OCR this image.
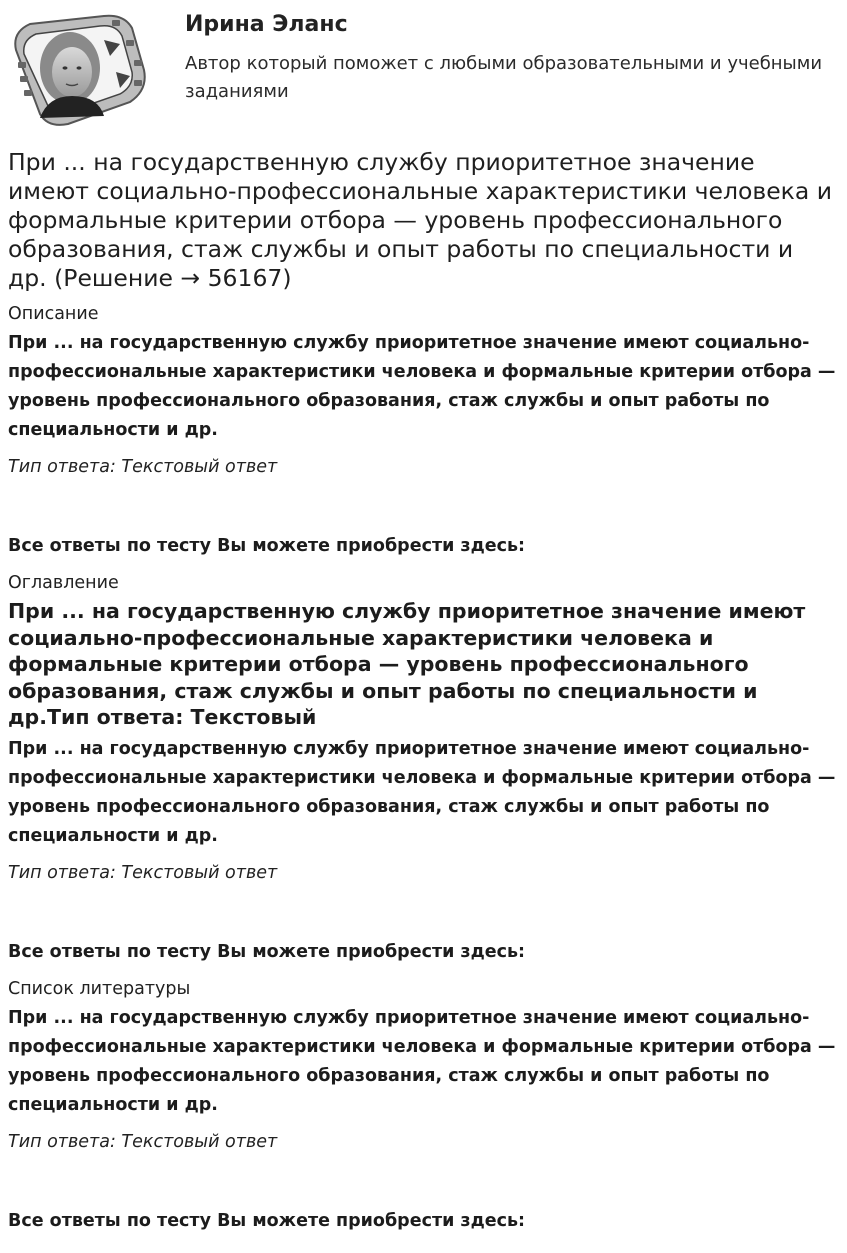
Ирина Эланс
Автор который поможет с любыми образовательными и учебными заданиями
При ... на государственную службу приоритетное значение имеют социально-профессиональные характеристики человека и формальные критерии отбора — уровень профессионального образования, стаж службы и опыт работы по специальности и др. (Решение → 56167)
Описание
При ... на государственную службу приоритетное значение имеют социально-профессиональные характеристики человека и формальные критерии отбора — уровень профессионального образования, стаж службы и опыт работы по специальности и др.
Тип ответа: Текстовый ответ
Все ответы по тесту Вы можете приобрести здесь:
Оглавление
При ... на государственную службу приоритетное значение имеют социально-профессиональные характеристики человека и формальные критерии отбора — уровень профессионального образования, стаж службы и опыт работы по специальности и др.Тип ответа: Текстовый
При ... на государственную службу приоритетное значение имеют социально-профессиональные характеристики человека и формальные критерии отбора — уровень профессионального образования, стаж службы и опыт работы по специальности и др.
Тип ответа: Текстовый ответ
Все ответы по тесту Вы можете приобрести здесь:
Список литературы
При ... на государственную службу приоритетное значение имеют социально-профессиональные характеристики человека и формальные критерии отбора — уровень профессионального образования, стаж службы и опыт работы по специальности и др.
Тип ответа: Текстовый ответ
Все ответы по тесту Вы можете приобрести здесь:
